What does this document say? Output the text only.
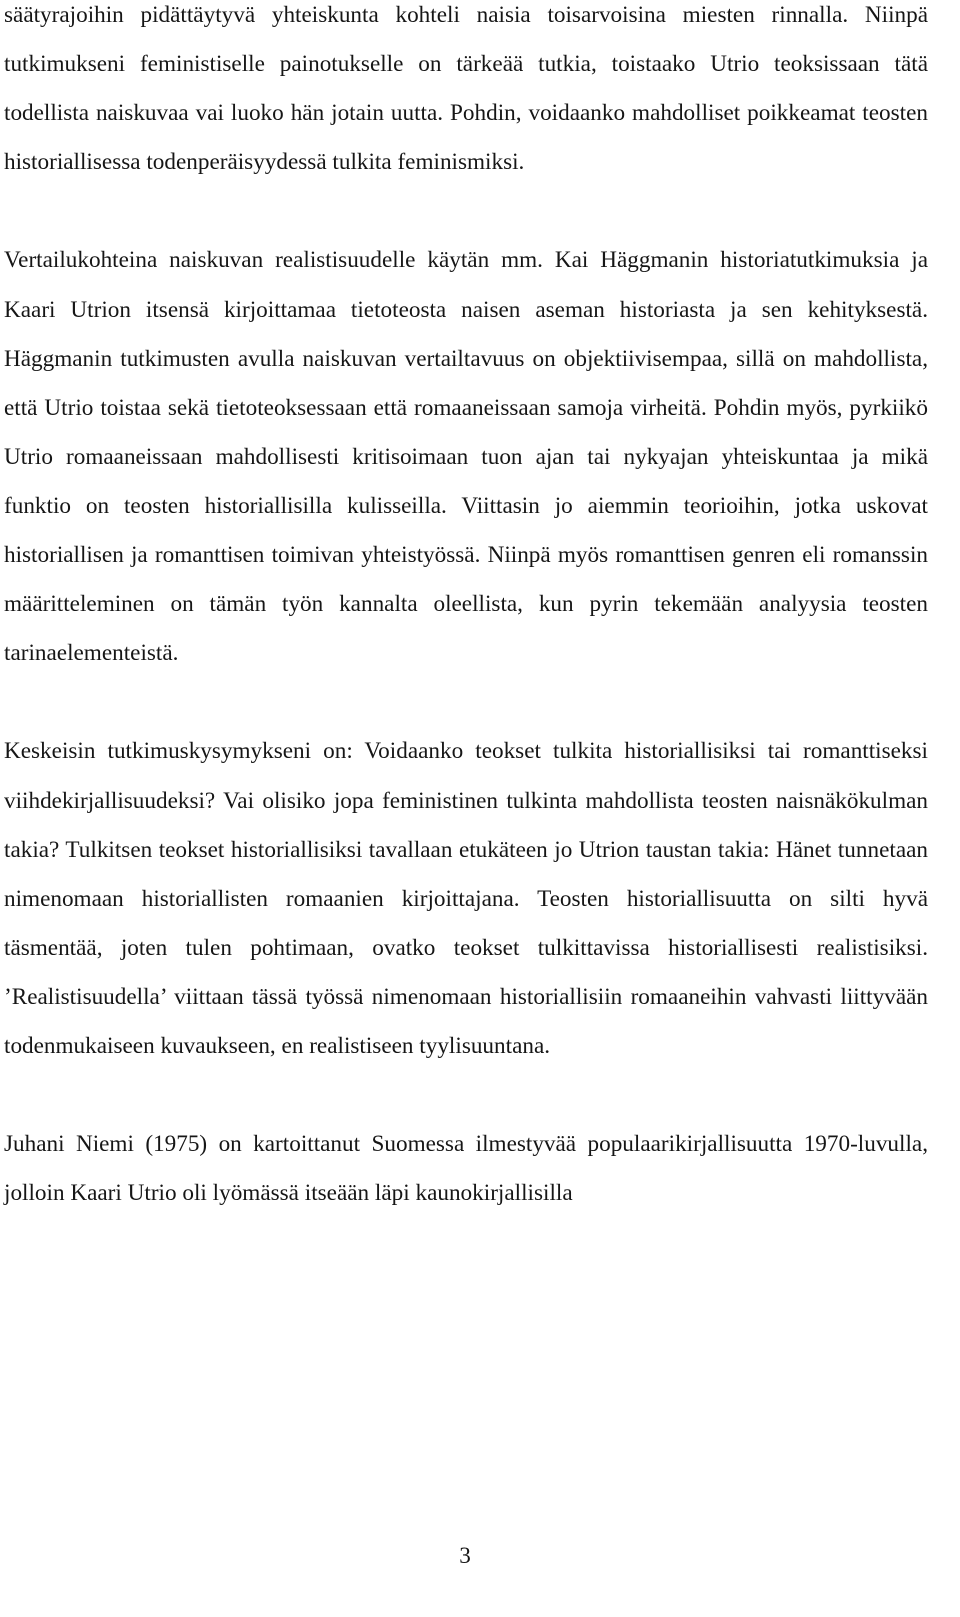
säätyrajoihin pidättäytyvä yhteiskunta kohteli naisia toisarvoisina miesten rinnalla. Niinpä tutkimukseni feministiselle painotukselle on tärkeää tutkia, toistaako Utrio teoksissaan tätä todellista naiskuvaa vai luoko hän jotain uutta. Pohdin, voidaanko mahdolliset poikkeamat teosten historiallisessa todenperäisyydessä tulkita feminismiksi.

Vertailukohteina naiskuvan realistisuudelle käytän mm. Kai Häggmanin historiatutkimuksia ja Kaari Utrion itsensä kirjoittamaa tietoteosta naisen aseman historiasta ja sen kehityksestä. Häggmanin tutkimusten avulla naiskuvan vertailtavuus on objektiivisempaa, sillä on mahdollista, että Utrio toistaa sekä tietoteoksessaan että romaaneissaan samoja virheitä. Pohdin myös, pyrkiikö Utrio romaaneissaan mahdollisesti kritisoimaan tuon ajan tai nykyajan yhteiskuntaa ja mikä funktio on teosten historiallisilla kulisseilla. Viittasin jo aiemmin teorioihin, jotka uskovat historiallisen ja romanttisen toimivan yhteistyössä. Niinpä myös romanttisen genren eli romanssin määritteleminen on tämän työn kannalta oleellista, kun pyrin tekemään analyysia teosten tarinaelementeistä.

Keskeisin tutkimuskysymykseni on: Voidaanko teokset tulkita historiallisiksi tai romanttiseksi viihdekirjallisuudeksi? Vai olisiko jopa feministinen tulkinta mahdollista teosten naisnäkökulman takia? Tulkitsen teokset historiallisiksi tavallaan etukäteen jo Utrion taustan takia: Hänet tunnetaan nimenomaan historiallisten romaanien kirjoittajana. Teosten historiallisuutta on silti hyvä täsmentää, joten tulen pohtimaan, ovatko teokset tulkittavissa historiallisesti realistisiksi. ’Realistisuudella’ viittaan tässä työssä nimenomaan historiallisiin romaaneihin vahvasti liittyvään todenmukaiseen kuvaukseen, en realistiseen tyylisuuntana.

Juhani Niemi (1975) on kartoittanut Suomessa ilmestyvää populaarikirjallisuutta 1970-luvulla, jolloin Kaari Utrio oli lyömässä itseään läpi kaunokirjallisilla

3
